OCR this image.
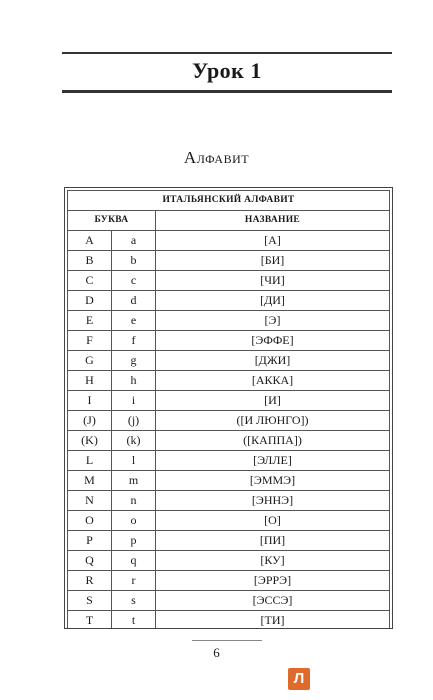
Урок 1
Алфавит
ИТАЛЬЯНСКИЙ АЛФАВИТ		
БУКВА		НАЗВАНИЕ
A	a	[А]
B	b	[БИ]
C	c	[ЧИ]
D	d	[ДИ]
E	e	[Э]
F	f	[ЭФФЕ]
G	g	[ДЖИ]
H	h	[АККА]
I	i	[И]
(J)	(j)	([И ЛЮНГО])
(K)	(k)	([КАППА])
L	l	[ЭЛЛЕ]
M	m	[ЭММЭ]
N	n	[ЭННЭ]
O	o	[О]
P	p	[ПИ]
Q	q	[КУ]
R	r	[ЭРРЭ]
S	s	[ЭССЭ]
T	t	[ТИ]
6
Л
